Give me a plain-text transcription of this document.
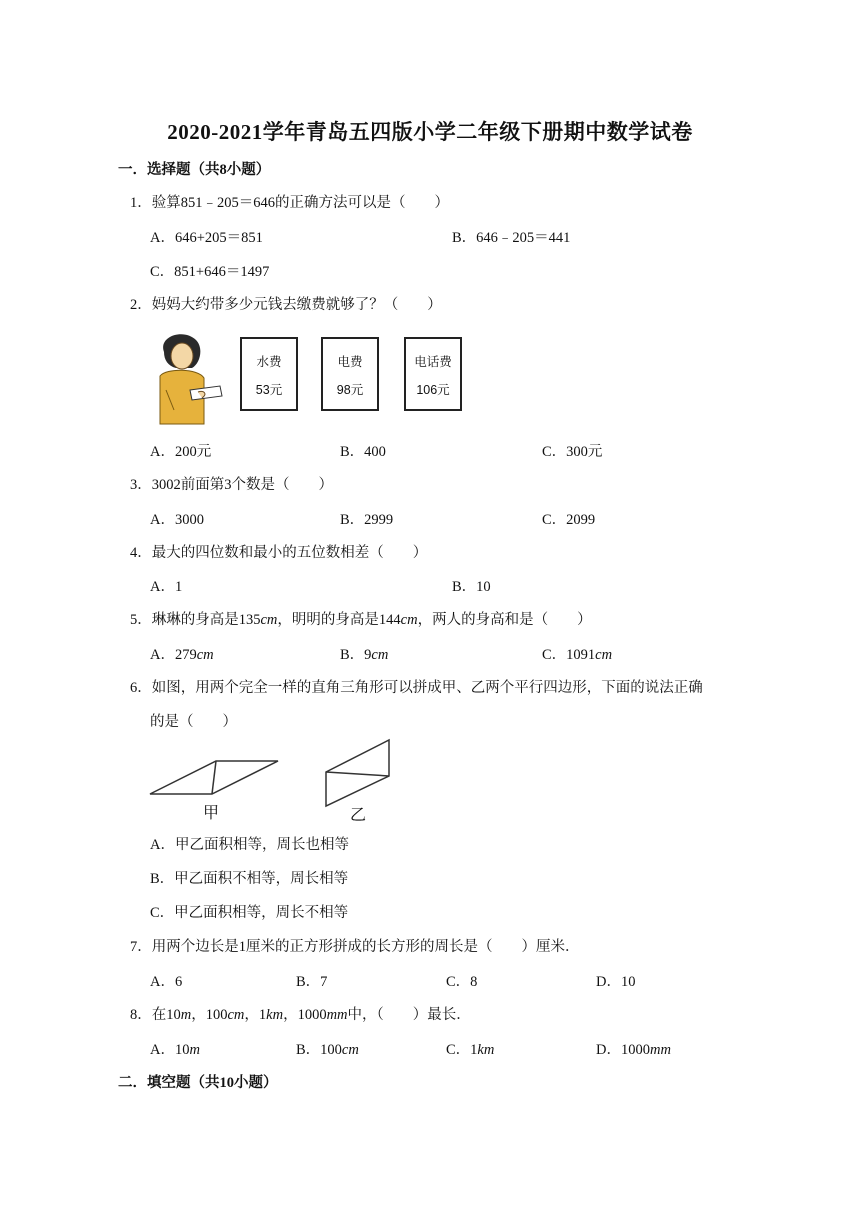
2020-2021学年青岛五四版小学二年级下册期中数学试卷
一．选择题（共8小题）
1．验算851﹣205＝646的正确方法可以是（　　）
A．646+205＝851	B．646﹣205＝441
C．851+646＝1497
2．妈妈大约带多少元钱去缴费就够了？（　　）
水费
53元
电费
98元
电话费
106元
A．200元	B．400	C．300元
3．3002前面第3个数是（　　）
A．3000	B．2999	C．2099
4．最大的四位数和最小的五位数相差（　　）
A．1	B．10
5．琳琳的身高是135cm，明明的身高是144cm，两人的身高和是（　　）
A．279cm	B．9cm	C．1091cm
6．如图，用两个完全一样的直角三角形可以拼成甲、乙两个平行四边形，下面的说法正确
的是（　　）
甲	乙
A．甲乙面积相等，周长也相等
B．甲乙面积不相等，周长相等
C．甲乙面积相等，周长不相等
7．用两个边长是1厘米的正方形拼成的长方形的周长是（　　）厘米．
A．6	B．7	C．8	D．10
8．在10m，100cm，1km，1000mm中，（　　）最长．
A．10m	B．100cm	C．1km	D．1000mm
二．填空题（共10小题）
